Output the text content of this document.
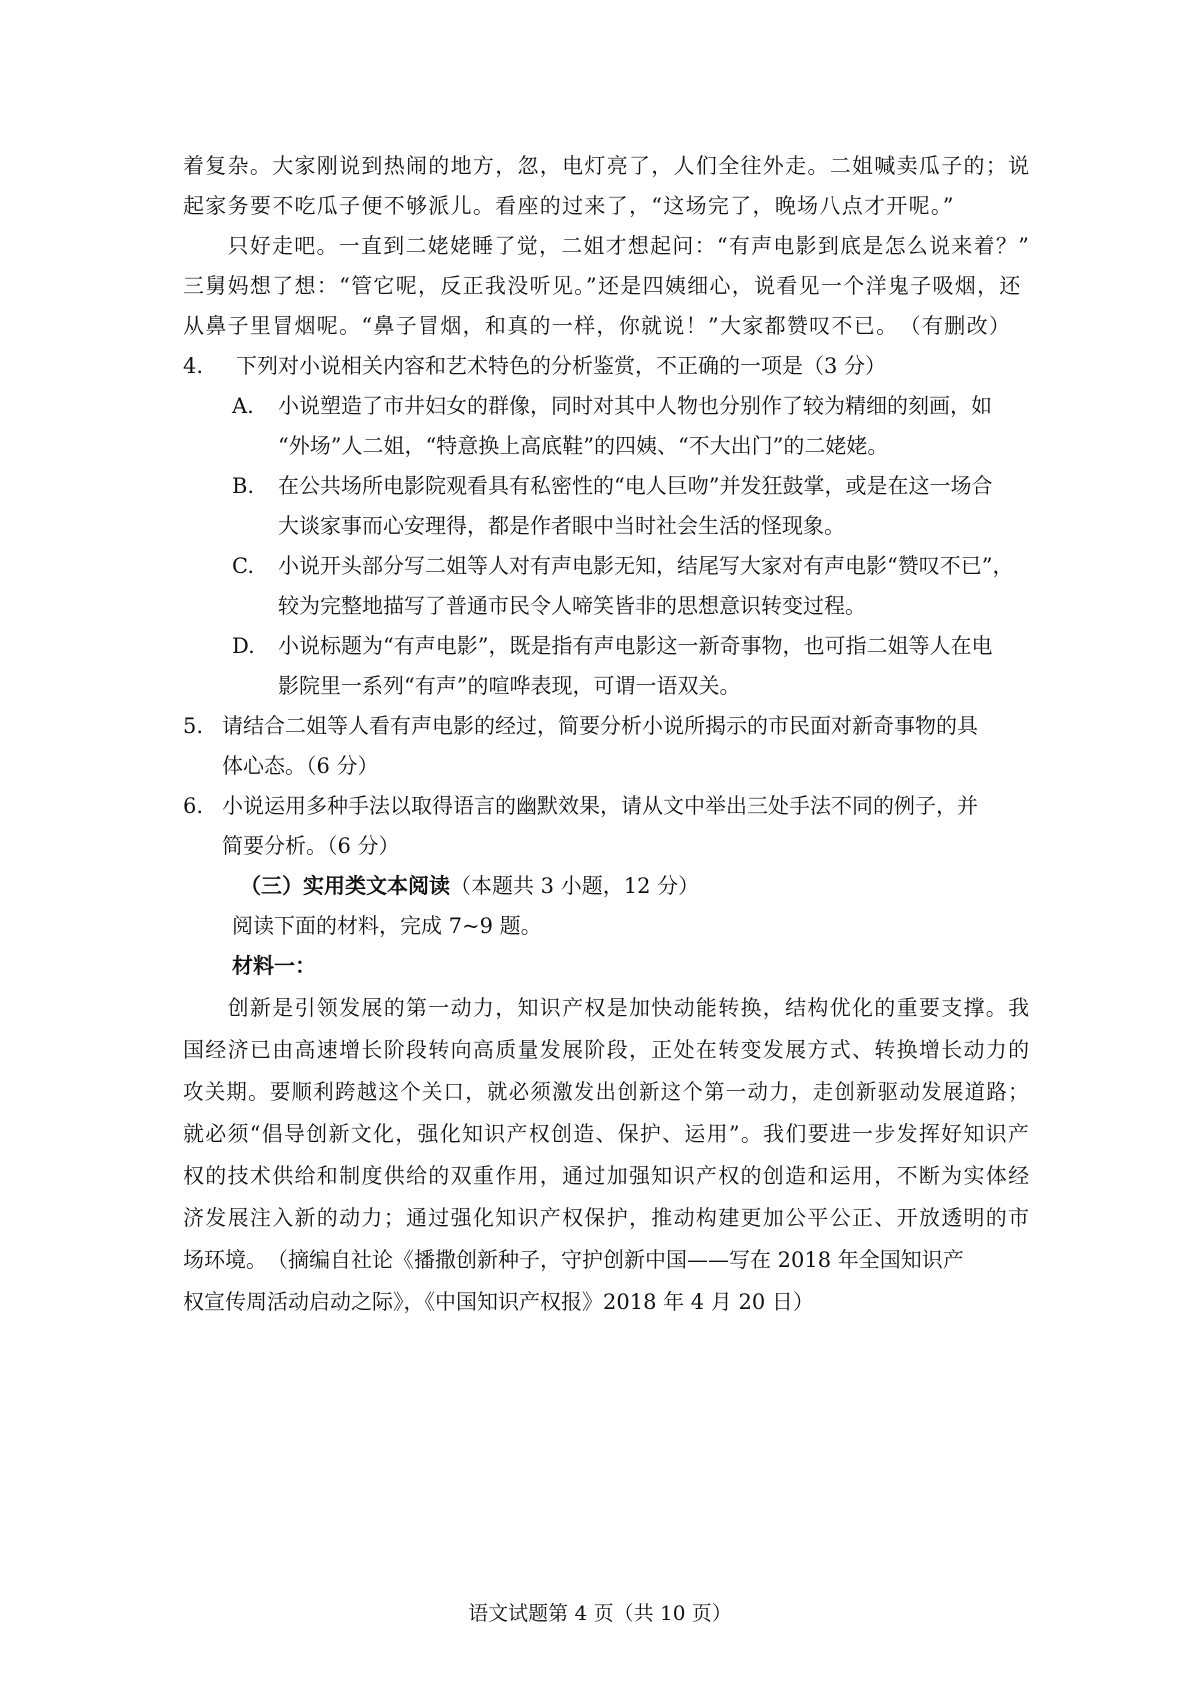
着复杂。大家刚说到热闹的地方，忽，电灯亮了，人们全往外走。二姐喊卖瓜子的；说
起家务要不吃瓜子便不够派儿。看座的过来了，“这场完了，晚场八点才开呢。”
　　只好走吧。一直到二姥姥睡了觉，二姐才想起问：“有声电影到底是怎么说来着？”
三舅妈想了想：“管它呢，反正我没听见。”还是四姨细心，说看见一个洋鬼子吸烟，还
从鼻子里冒烟呢。“鼻子冒烟，和真的一样，你就说！”大家都赞叹不已。　（有删改）
4. 下列对小说相关内容和艺术特色的分析鉴赏，不正确的一项是（3 分）
A. 小说塑造了市井妇女的群像，同时对其中人物也分别作了较为精细的刻画，如
“外场”人二姐，“特意换上高底鞋”的四姨、“不大出门”的二姥姥。
B. 在公共场所电影院观看具有私密性的“电人巨吻”并发狂鼓掌，或是在这一场合
大谈家事而心安理得，都是作者眼中当时社会生活的怪现象。
C. 小说开头部分写二姐等人对有声电影无知，结尾写大家对有声电影“赞叹不已”，
较为完整地描写了普通市民令人啼笑皆非的思想意识转变过程。
D. 小说标题为“有声电影”，既是指有声电影这一新奇事物，也可指二姐等人在电
影院里一系列“有声”的喧哗表现，可谓一语双关。
5. 请结合二姐等人看有声电影的经过，简要分析小说所揭示的市民面对新奇事物的具
体心态。（6 分）
6. 小说运用多种手法以取得语言的幽默效果，请从文中举出三处手法不同的例子，并
简要分析。（6 分）
（三）实用类文本阅读（本题共 3 小题，12 分）
阅读下面的材料，完成 7~9 题。
材料一：
　　创新是引领发展的第一动力，知识产权是加快动能转换，结构优化的重要支撑。我
国经济已由高速增长阶段转向高质量发展阶段，正处在转变发展方式、转换增长动力的
攻关期。要顺利跨越这个关口，就必须激发出创新这个第一动力，走创新驱动发展道路；
就必须“倡导创新文化，强化知识产权创造、保护、运用”。我们要进一步发挥好知识产
权的技术供给和制度供给的双重作用，通过加强知识产权的创造和运用，不断为实体经
济发展注入新的动力；通过强化知识产权保护，推动构建更加公平公正、开放透明的市
场环境。　（摘编自社论《播撒创新种子，守护创新中国——写在 2018 年全国知识产
权宣传周活动启动之际》，《中国知识产权报》2018 年 4 月 20 日）
语文试题第 4 页（共 10 页）
